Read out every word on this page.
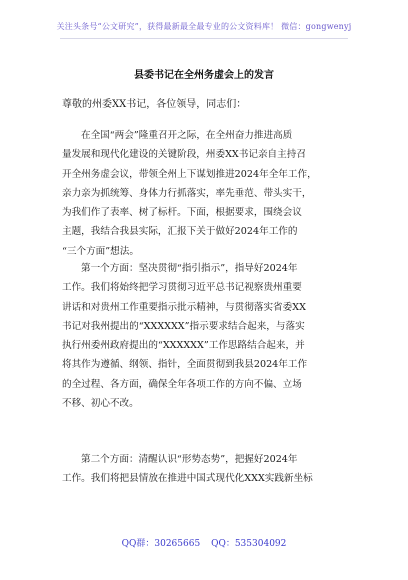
关注头条号“公文研究”，获得最新最全最专业的公文资料库！ 微信：gongwenyj
县委书记在全州务虚会上的发言
尊敬的州委XX书记，各位领导，同志们：
在全国“两会”隆重召开之际，在全州奋力推进高质
量发展和现代化建设的关键阶段，州委XX书记亲自主持召
开全州务虚会议，带领全州上下谋划推进2024年全年工作，
亲力亲为抓统筹、身体力行抓落实，率先垂范、带头实干，
为我们作了表率、树了标杆。下面，根据要求，围绕会议
主题，我结合我县实际，汇报下关于做好2024年工作的
“三个方面”想法。
第一个方面：坚决贯彻“指引指示”，指导好2024年
工作。我们将始终把学习贯彻习近平总书记视察贵州重要
讲话和对贵州工作重要指示批示精神，与贯彻落实省委XX
书记对我州提出的“XXXXXX”指示要求结合起来，与落实
执行州委州政府提出的“XXXXXX”工作思路结合起来，并
将其作为遵循、纲领、指针，全面贯彻到我县2024年工作
的全过程、各方面，确保全年各项工作的方向不偏、立场
不移、初心不改。
第二个方面：清醒认识“形势态势”，把握好2024年
工作。我们将把县情放在推进中国式现代化XXX实践新坐标
QQ群：30265665 QQ：535304092
